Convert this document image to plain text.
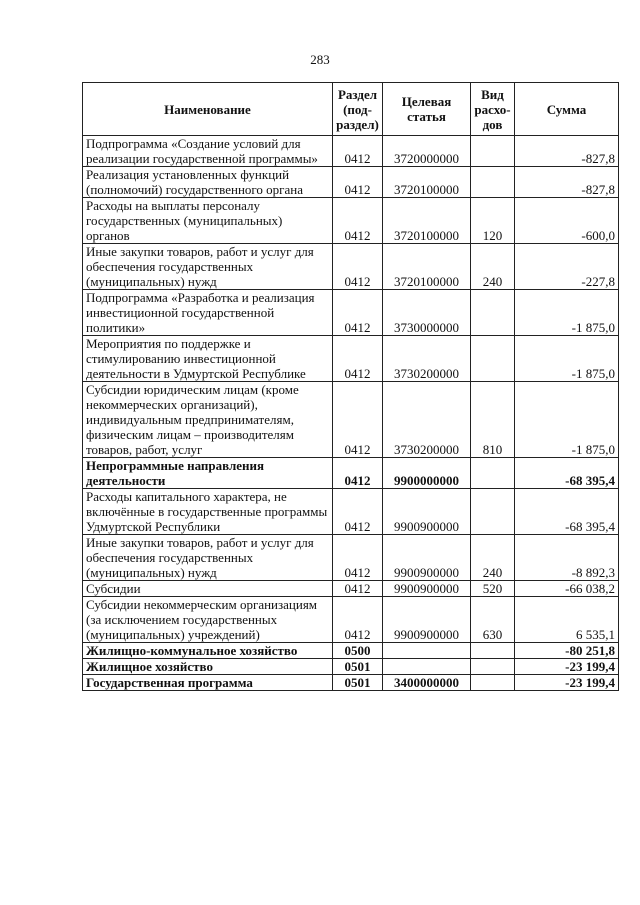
283
Наименование	Раздел (под-раздел)	Целевая статья	Вид расхо-дов	Сумма
Подпрограмма «Создание условий для реализации государственной программы»	0412	3720000000		-827,8
Реализация установленных функций (полномочий) государственного органа	0412	3720100000		-827,8
Расходы на выплаты персоналу государственных (муниципальных) органов	0412	3720100000	120	-600,0
Иные закупки товаров, работ и услуг для обеспечения государственных (муниципальных) нужд	0412	3720100000	240	-227,8
Подпрограмма «Разработка и реализация инвестиционной государственной политики»	0412	3730000000		-1 875,0
Мероприятия по поддержке и стимулированию инвестиционной деятельности в Удмуртской Республике	0412	3730200000		-1 875,0
Субсидии юридическим лицам (кроме некоммерческих организаций), индивидуальным предпринимателям, физическим лицам – производителям товаров, работ, услуг	0412	3730200000	810	-1 875,0
Непрограммные направления деятельности	0412	9900000000		-68 395,4
Расходы капитального характера, не включённые в государственные программы Удмуртской Республики	0412	9900900000		-68 395,4
Иные закупки товаров, работ и услуг для обеспечения государственных (муниципальных) нужд	0412	9900900000	240	-8 892,3
Субсидии	0412	9900900000	520	-66 038,2
Субсидии некоммерческим организациям (за исключением государственных (муниципальных) учреждений)	0412	9900900000	630	6 535,1
Жилищно-коммунальное хозяйство	0500			-80 251,8
Жилищное хозяйство	0501			-23 199,4
Государственная программа	0501	3400000000		-23 199,4
